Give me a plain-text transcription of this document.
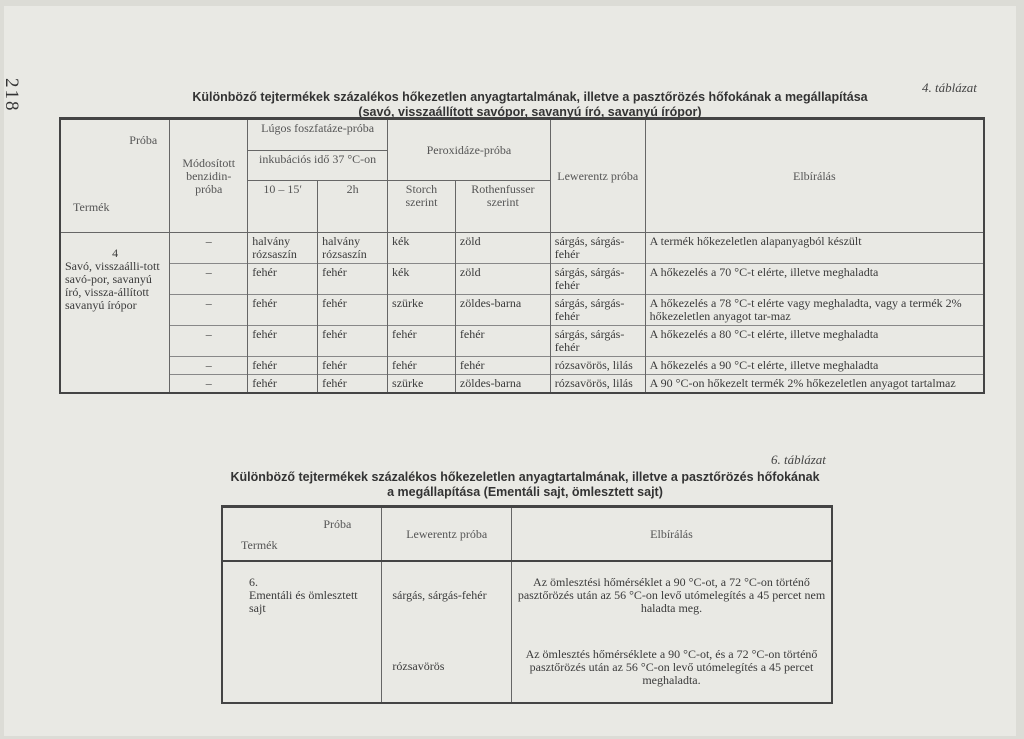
218	4. táblázat
Különböző tejtermékek százalékos hőkezetlen anyagtartalmának, illetve a pasztőrözés hőfokának a megállapítása
(savó, visszaállított savópor, savanyú író, savanyú írópor)
Próba
Termék	Módosított benzidin-próba	Lúgos foszfatáze-próba		Peroxidáze-próba		Lewerentz próba	Elbírálás
		inkubációs idő 37 °C-on					
		10 – 15′	2h	Storch szerint	Rothenfusser szerint		

4
Savó, visszaálli-tott savó-por, savanyú író, vissza-állított savanyú írópor	–	halvány rózsaszín	halvány rózsaszín	kék	zöld	sárgás, sárgás-fehér	A termék hőkezeletlen alapanyagból készült
	–	fehér	fehér	kék	zöld	sárgás, sárgás-fehér	A hőkezelés a 70 °C-t elérte, illetve meghaladta
	–	fehér	fehér	szürke	zöldes-barna	sárgás, sárgás-fehér	A hőkezelés a 78 °C-t elérte vagy meghaladta, vagy a termék 2% hőkezeletlen anyagot tar-maz
	–	fehér	fehér	fehér	fehér	sárgás, sárgás-fehér	A hőkezelés a 80 °C-t elérte, illetve meghaladta
	–	fehér	fehér	fehér	fehér	rózsavörös, lilás	A hőkezelés a 90 °C-t elérte, illetve meghaladta
	–	fehér	fehér	szürke	zöldes-barna	rózsavörös, lilás	A 90 °C-on hőkezelt termék 2% hőkezeletlen anyagot tartalmaz
6. táblázat
Különböző tejtermékek százalékos hőkezeletlen anyagtartalmának, illetve a pasztőrözés hőfokának
a megállapítása (Ementáli sajt, ömlesztett sajt)
Próba
Termék	Lewerentz próba	Elbírálás

6.
Ementáli és ömlesztett sajt	sárgás, sárgás-fehér	Az ömlesztési hőmérséklet a 90 °C-ot, a 72 °C-on történő pasztőrözés után az 56 °C-on levő utómelegítés a 45 percet nem haladta meg.
	rózsavörös	Az ömlesztés hőmérséklete a 90 °C-ot, és a 72 °C-on történő pasztőrözés után az 56 °C-on levő utómelegítés a 45 percet meghaladta.
